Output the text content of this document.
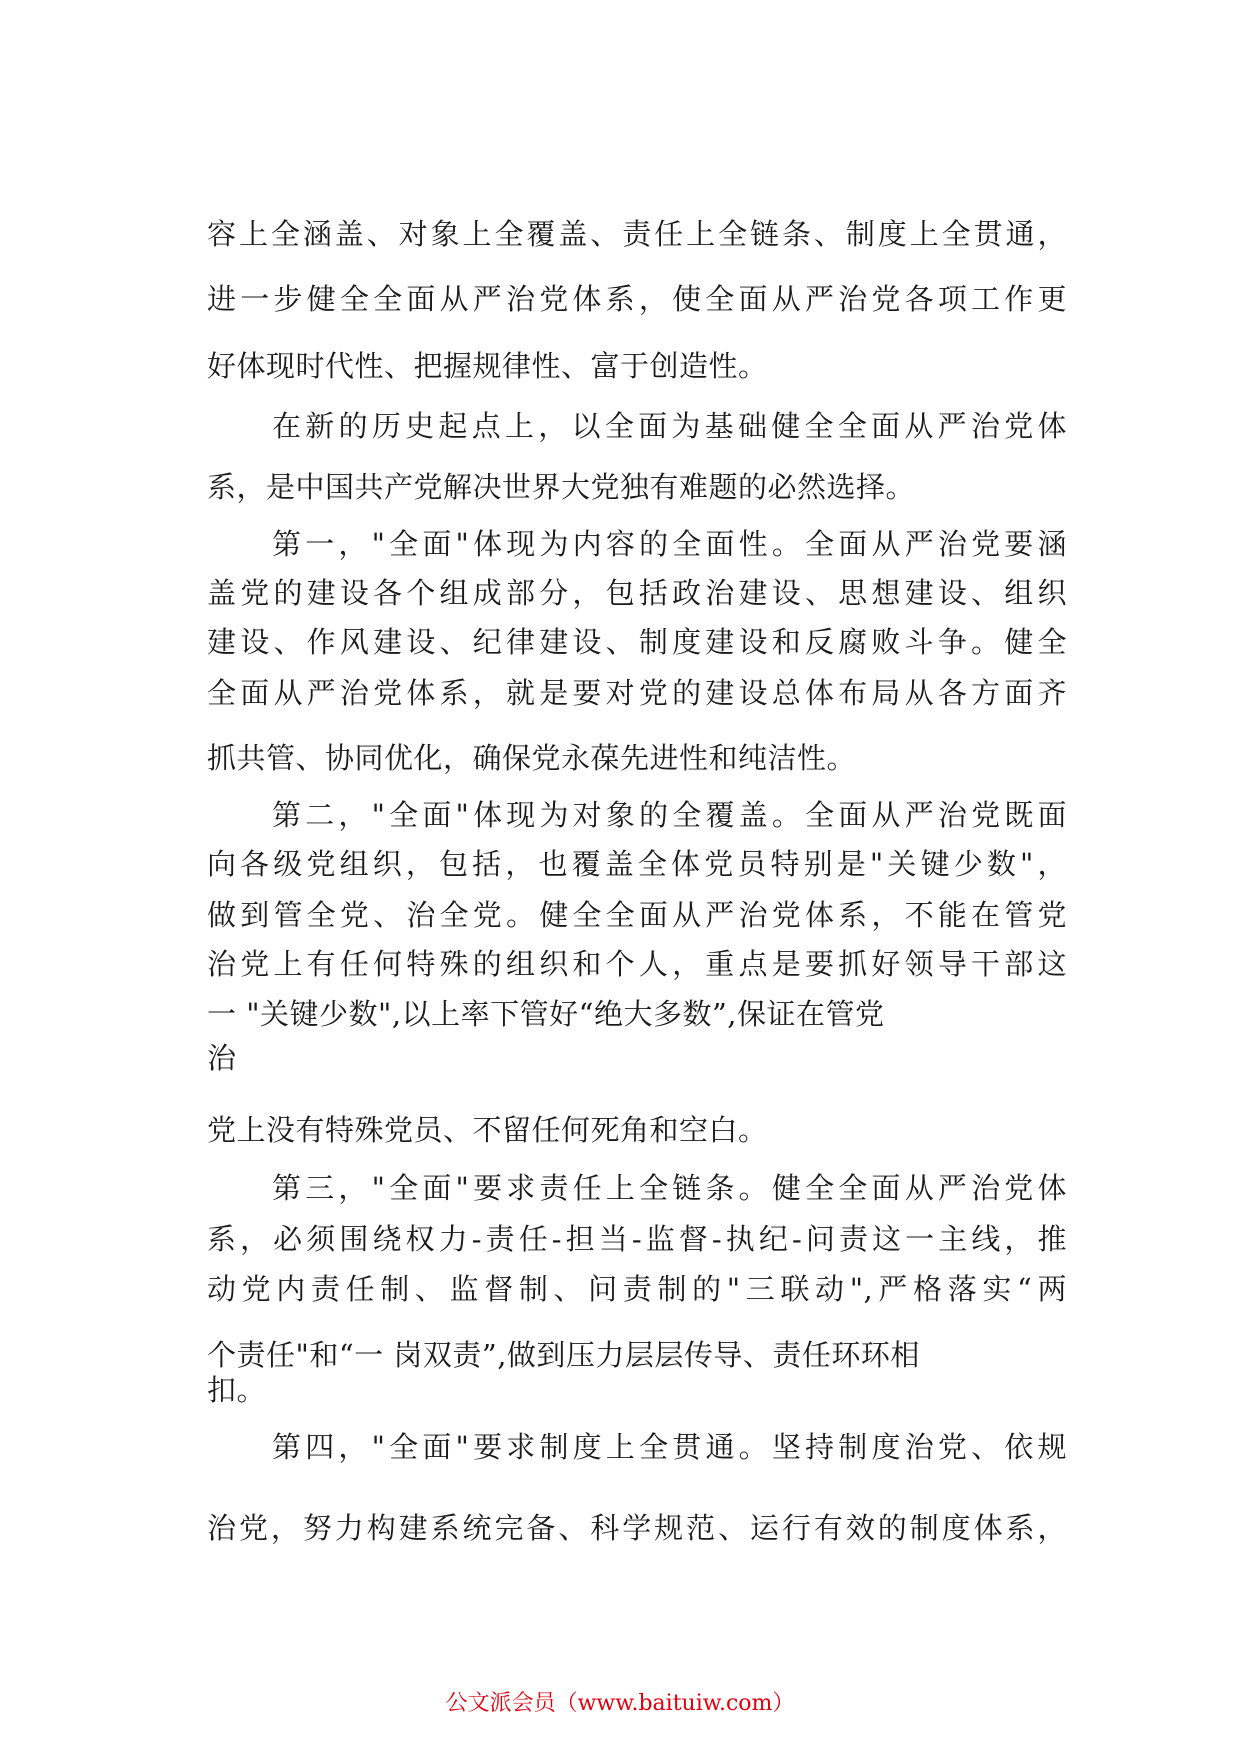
容上全涵盖、对象上全覆盖、责任上全链条、制度上全贯通，
进一步健全全面从严治党体系，使全面从严治党各项工作更
好体现时代性、把握规律性、富于创造性。
在新的历史起点上，以全面为基础健全全面从严治党体
系，是中国共产党解决世界大党独有难题的必然选择。
第一，"全面"体现为内容的全面性。全面从严治党要涵
盖党的建设各个组成部分，包括政治建设、思想建设、组织
建设、作风建设、纪律建设、制度建设和反腐败斗争。健全
全面从严治党体系，就是要对党的建设总体布局从各方面齐
抓共管、协同优化，确保党永葆先进性和纯洁性。
第二，"全面"体现为对象的全覆盖。全面从严治党既面
向各级党组织，包括，也覆盖全体党员特别是"关键少数"，
做到管全党、治全党。健全全面从严治党体系，不能在管党
治党上有任何特殊的组织和个人，重点是要抓好领导干部这
一 "关键少数",以上率下管好“绝大多数”,保证在管党
治
党上没有特殊党员、不留任何死角和空白。
第三，"全面"要求责任上全链条。健全全面从严治党体
系，必须围绕权力-责任-担当-监督-执纪-问责这一主线，推
动党内责任制、监督制、问责制的"三联动",严格落实“两
个责任"和“一 岗双责”,做到压力层层传导、责任环环相
扣。
第四，"全面"要求制度上全贯通。坚持制度治党、依规
治党，努力构建系统完备、科学规范、运行有效的制度体系，
公文派会员（www.baituiw.com）
